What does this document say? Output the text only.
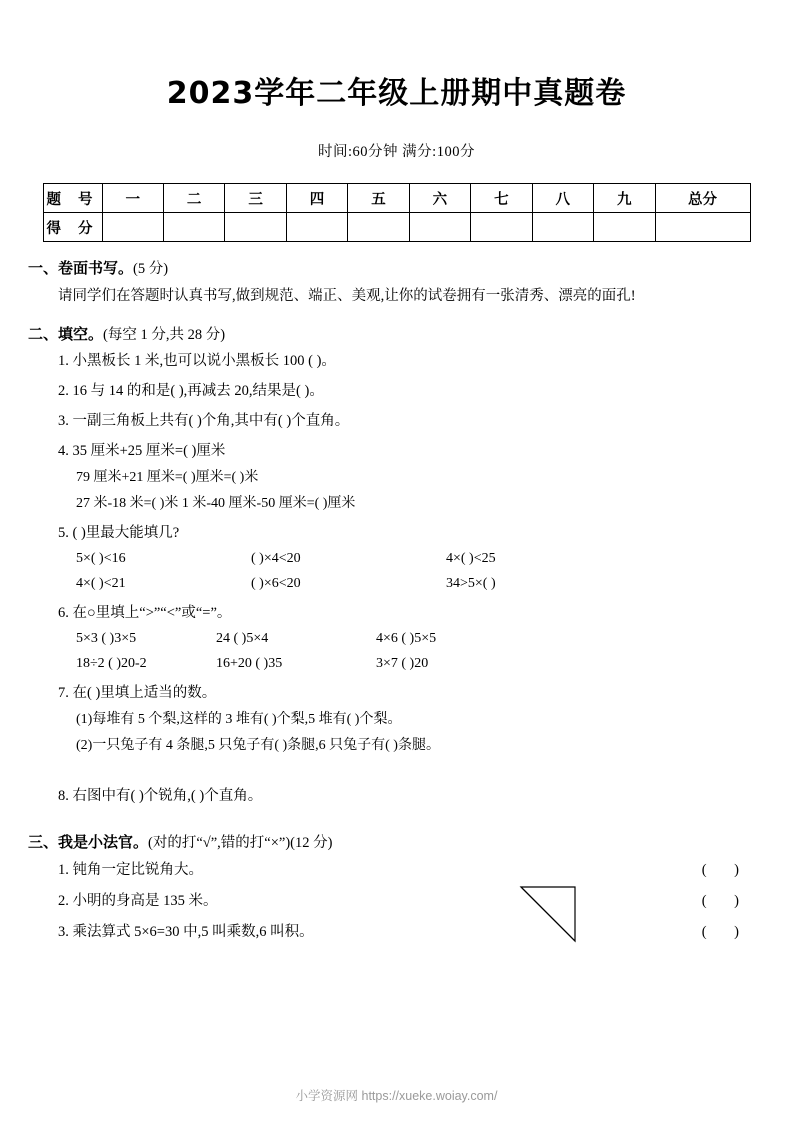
2023学年二年级上册期中真题卷
时间:60分钟 满分:100分
题 号	一	二	三	四	五	六	七	八	九	总分
得 分										
一、卷面书写。(5 分)
请同学们在答题时认真书写,做到规范、端正、美观,让你的试卷拥有一张清秀、漂亮的面孔!
二、填空。(每空 1 分,共 28 分)
1. 小黑板长 1 米,也可以说小黑板长 100 ( )。
2. 16 与 14 的和是( ),再减去 20,结果是( )。
3. 一副三角板上共有( )个角,其中有( )个直角。
4. 35 厘米+25 厘米=( )厘米
79 厘米+21 厘米=( )厘米=( )米
27 米-18 米=( )米 1 米-40 厘米-50 厘米=( )厘米
5. ( )里最大能填几?
5×( )<16	( )×4<20	4×( )<25
4×( )<21	( )×6<20	34>5×( )
6. 在○里填上“>”“<”或“=”。
5×3 ( )3×5	24 ( )5×4	4×6 ( )5×5
18÷2 ( )20-2	16+20 ( )35	3×7 ( )20
7. 在( )里填上适当的数。
(1)每堆有 5 个梨,这样的 3 堆有( )个梨,5 堆有( )个梨。
(2)一只兔子有 4 条腿,5 只兔子有( )条腿,6 只兔子有( )条腿。
8. 右图中有( )个锐角,( )个直角。
三、我是小法官。(对的打“√”,错的打“×”)(12 分)
1. 钝角一定比锐角大。	( )
2. 小明的身高是 135 米。	( )
3. 乘法算式 5×6=30 中,5 叫乘数,6 叫积。	( )
小学资源网 https://xueke.woiay.com/
